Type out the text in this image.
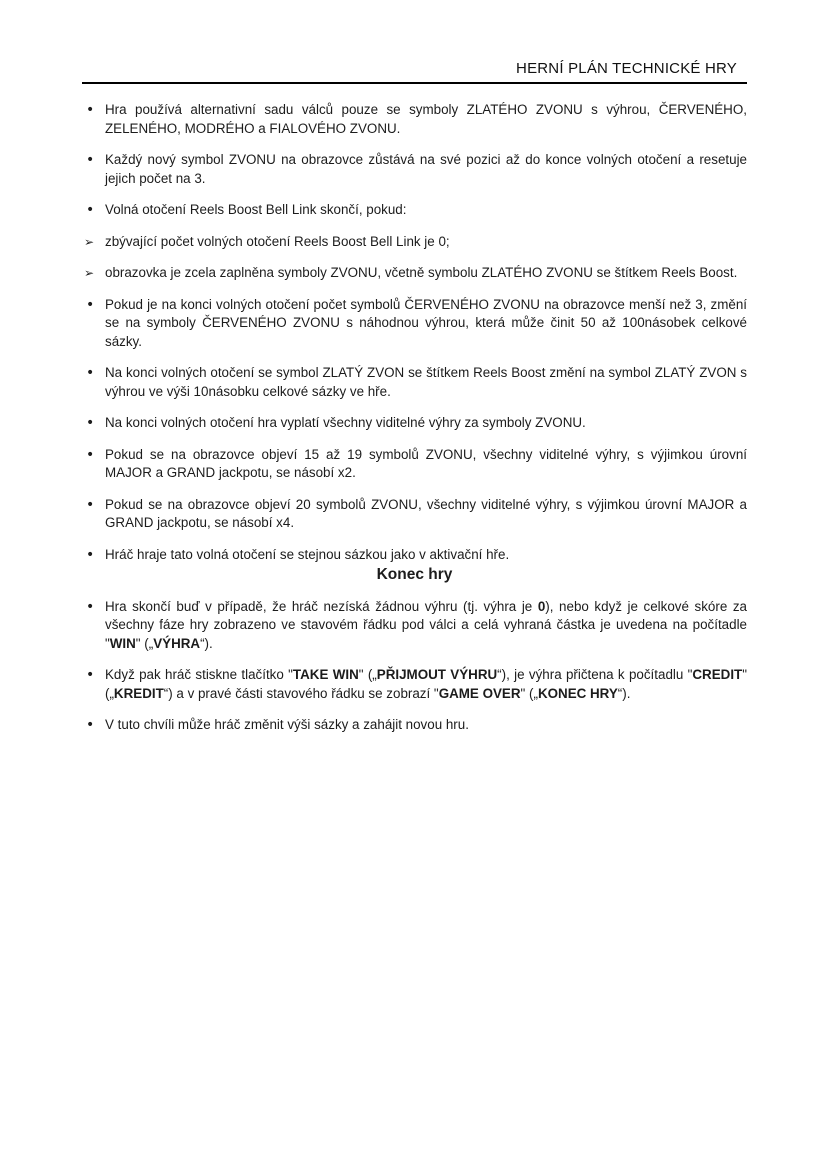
HERNÍ PLÁN TECHNICKÉ HRY
• Hra používá alternativní sadu válců pouze se symboly ZLATÉHO ZVONU s výhrou, ČERVENÉHO, ZELENÉHO, MODRÉHO a FIALOVÉHO ZVONU.
• Každý nový symbol ZVONU na obrazovce zůstává na své pozici až do konce volných otočení a resetuje jejich počet na 3.
• Volná otočení Reels Boost Bell Link skončí, pokud:
➢ zbývající počet volných otočení Reels Boost Bell Link je 0;
➢ obrazovka je zcela zaplněna symboly ZVONU, včetně symbolu ZLATÉHO ZVONU se štítkem Reels Boost.
• Pokud je na konci volných otočení počet symbolů ČERVENÉHO ZVONU na obrazovce menší než 3, změní se na symboly ČERVENÉHO ZVONU s náhodnou výhrou, která může činit 50 až 100násobek celkové sázky.
• Na konci volných otočení se symbol ZLATÝ ZVON se štítkem Reels Boost změní na symbol ZLATÝ ZVON s výhrou ve výši 10násobku celkové sázky ve hře.
• Na konci volných otočení hra vyplatí všechny viditelné výhry za symboly ZVONU.
• Pokud se na obrazovce objeví 15 až 19 symbolů ZVONU, všechny viditelné výhry, s výjimkou úrovní MAJOR a GRAND jackpotu, se násobí x2.
• Pokud se na obrazovce objeví 20 symbolů ZVONU, všechny viditelné výhry, s výjimkou úrovní MAJOR a GRAND jackpotu, se násobí x4.
• Hráč hraje tato volná otočení se stejnou sázkou jako v aktivační hře.
Konec hry
• Hra skončí buď v případě, že hráč nezíská žádnou výhru (tj. výhra je 0), nebo když je celkové skóre za všechny fáze hry zobrazeno ve stavovém řádku pod válci a celá vyhraná částka je uvedena na počítadle "WIN" („VÝHRA“).
• Když pak hráč stiskne tlačítko "TAKE WIN" („PŘIJMOUT VÝHRU“), je výhra přičtena k počítadlu "CREDIT" („KREDIT“) a v pravé části stavového řádku se zobrazí "GAME OVER" („KONEC HRY“).
• V tuto chvíli může hráč změnit výši sázky a zahájit novou hru.
